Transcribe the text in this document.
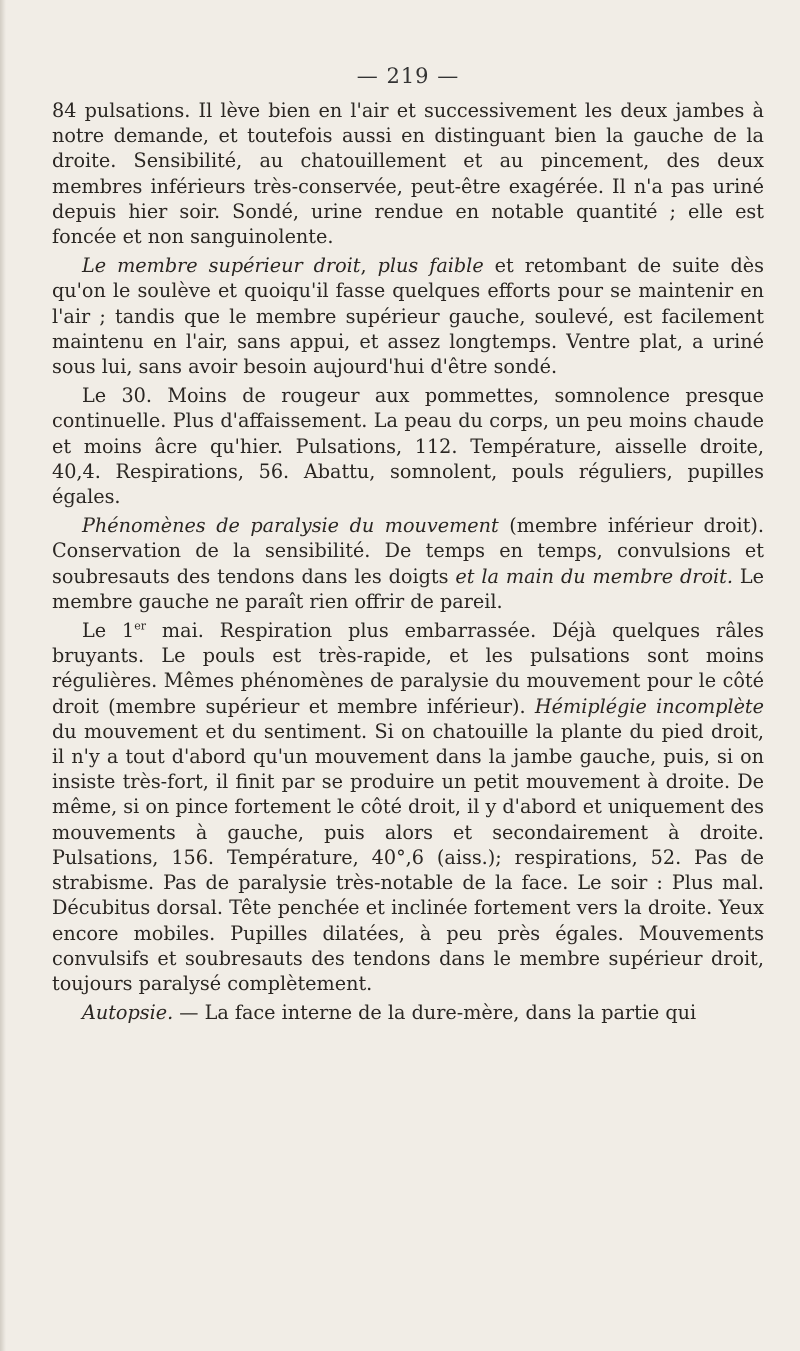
— 219 —

84 pulsations. Il lève bien en l'air et successivement les deux jambes à notre demande, et toutefois aussi en distinguant bien la gauche de la droite. Sensibilité, au chatouillement et au pincement, des deux membres inférieurs très-conservée, peut-être exagérée. Il n'a pas uriné depuis hier soir. Sondé, urine rendue en notable quantité ; elle est foncée et non sanguinolente.

Le membre supérieur droit, plus faible et retombant de suite dès qu'on le soulève et quoiqu'il fasse quelques efforts pour se maintenir en l'air ; tandis que le membre supérieur gauche, soulevé, est facilement maintenu en l'air, sans appui, et assez longtemps. Ventre plat, a uriné sous lui, sans avoir besoin aujourd'hui d'être sondé.

Le 30. Moins de rougeur aux pommettes, somnolence presque continuelle. Plus d'affaissement. La peau du corps, un peu moins chaude et moins âcre qu'hier. Pulsations, 112. Température, aisselle droite, 40,4. Respirations, 56. Abattu, somnolent, pouls réguliers, pupilles égales.

Phénomènes de paralysie du mouvement (membre inférieur droit). Conservation de la sensibilité. De temps en temps, convulsions et soubresauts des tendons dans les doigts et la main du membre droit. Le membre gauche ne paraît rien offrir de pareil.

Le 1er mai. Respiration plus embarrassée. Déjà quelques râles bruyants. Le pouls est très-rapide, et les pulsations sont moins régulières. Mêmes phénomènes de paralysie du mouvement pour le côté droit (membre supérieur et membre inférieur). Hémiplégie incomplète du mouvement et du sentiment. Si on chatouille la plante du pied droit, il n'y a tout d'abord qu'un mouvement dans la jambe gauche, puis, si on insiste très-fort, il finit par se produire un petit mouvement à droite. De même, si on pince fortement le côté droit, il y d'abord et uniquement des mouvements à gauche, puis alors et secondairement à droite. Pulsations, 156. Température, 40°,6 (aiss.); respirations, 52. Pas de strabisme. Pas de paralysie très-notable de la face. Le soir : Plus mal. Décubitus dorsal. Tête penchée et inclinée fortement vers la droite. Yeux encore mobiles. Pupilles dilatées, à peu près égales. Mouvements convulsifs et soubresauts des tendons dans le membre supérieur droit, toujours paralysé complètement.

Autopsie. — La face interne de la dure-mère, dans la partie qui
